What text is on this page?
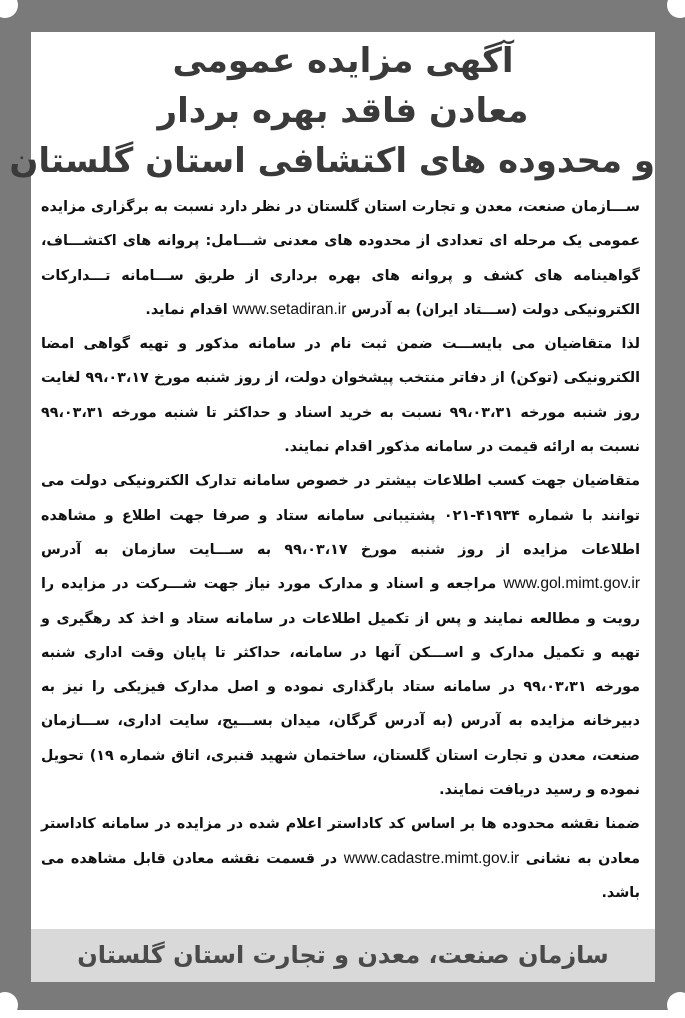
آگهی مزایده عمومی
معادن فاقد بهره بردار
و محدوده های اکتشافی استان گلستان

ســـازمان صنعت، معدن و تجارت استان گلستان در نظر دارد نسبت به برگزاری مزایده عمومی یک مرحله ای تعدادی از محدوده های معدنی شـــامل: پروانه های اکتشـــاف، گواهینامه های کشف و پروانه های بهره برداری از طریق ســـامانه تـــدارکات الکترونیکی دولت (ســـتاد ایران) به آدرس www.setadiran.ir اقدام نماید.

لذا متقاضیان می بایســـت ضمن ثبت نام در سامانه مذکور و تهیه گواهی امضا الکترونیکی (توکن) از دفاتر منتخب پیشخوان دولت، از روز شنبه مورخ ۹۹،۰۳،۱۷ لغایت روز شنبه مورخه ۹۹،۰۳،۳۱ نسبت به خرید اسناد و حداکثر تا شنبه مورخه ۹۹،۰۳،۳۱ نسبت به ارائه قیمت در سامانه مذکور اقدام نمایند.

متقاضیان جهت کسب اطلاعات بیشتر در خصوص سامانه تدارک الکترونیکی دولت می توانند با شماره ۴۱۹۳۴-۰۲۱ پشتیبانی سامانه ستاد و صرفا جهت اطلاع و مشاهده اطلاعات مزایده از روز شنبه مورخ ۹۹،۰۳،۱۷ به ســـایت سازمان به آدرس www.gol.mimt.gov.ir مراجعه و اسناد و مدارک مورد نیاز جهت شـــرکت در مزایده را رویت و مطالعه نمایند و پس از تکمیل اطلاعات در سامانه ستاد و اخذ کد رهگیری و تهیه و تکمیل مدارک و اســـکن آنها در سامانه، حداکثر تا پایان وقت اداری شنبه مورخه ۹۹،۰۳،۳۱ در سامانه ستاد بارگذاری نموده و اصل مدارک فیزیکی را نیز به دبیرخانه مزایده به آدرس (به آدرس گرگان، میدان بســـیج، سایت اداری، ســـازمان صنعت، معدن و تجارت استان گلستان، ساختمان شهید قنبری، اتاق شماره ۱۹) تحویل نموده و رسید دریافت نمایند.

ضمنا نقشه محدوده ها بر اساس کد کاداستر اعلام شده در مزایده در سامانه کاداستر معادن به نشانی www.cadastre.mimt.gov.ir در قسمت نقشه معادن قابل مشاهده می باشد.

سازمان صنعت، معدن و تجارت استان گلستان
